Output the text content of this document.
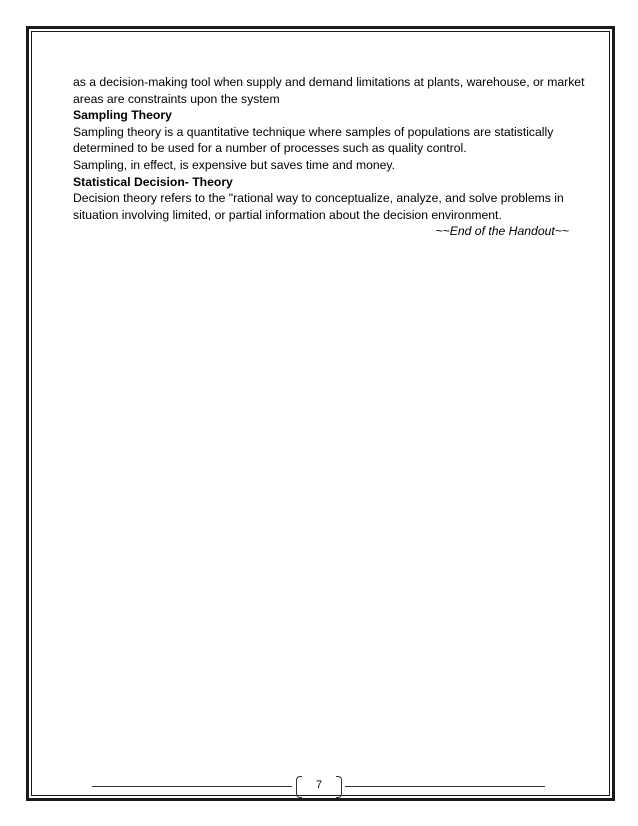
as a decision-making tool when supply and demand limitations at plants, warehouse, or market

areas are constraints upon the system

Sampling Theory

Sampling theory is a quantitative technique where samples of populations are statistically

determined to be used for a number of processes such as quality control.

Sampling, in effect, is expensive but saves time and money.

Statistical Decision- Theory

Decision theory refers to the "rational way to conceptualize, analyze, and solve problems in

situation involving limited, or partial information about the decision environment.

~~End of the Handout~~

7
